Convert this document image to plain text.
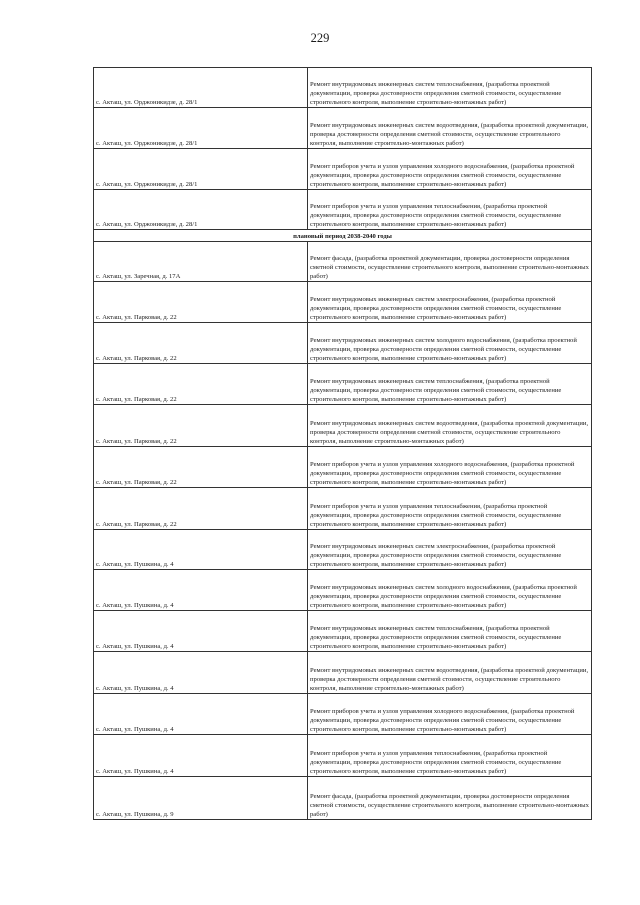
229
с. Акташ, ул. Орджоникидзе, д. 28/1	Ремонт внутридомовых инженерных систем теплоснабжения, (разработка проектной документации, проверка достоверности определения сметной стоимости, осуществление строительного контроля, выполнение строительно-монтажных работ)
с. Акташ, ул. Орджоникидзе, д. 28/1	Ремонт внутридомовых инженерных систем водоотведения, (разработка проектной документации, проверка достоверности определения сметной стоимости, осуществление строительного контроля, выполнение строительно-монтажных работ)
с. Акташ, ул. Орджоникидзе, д. 28/1	Ремонт приборов учета и узлов управления холодного водоснабжения, (разработка проектной документации, проверка достоверности определения сметной стоимости, осуществление строительного контроля, выполнение строительно-монтажных работ)
с. Акташ, ул. Орджоникидзе, д. 28/1	Ремонт приборов учета и узлов управления теплоснабжения, (разработка проектной документации, проверка достоверности определения сметной стоимости, осуществление строительного контроля, выполнение строительно-монтажных работ)
плановый период 2038-2040 годы	
с. Акташ, ул. Заречная, д. 17А	Ремонт фасада, (разработка проектной документации, проверка достоверности определения сметной стоимости, осуществление строительного контроля, выполнение строительно-монтажных работ)
с. Акташ, ул. Парковая, д. 22	Ремонт внутридомовых инженерных систем электроснабжения, (разработка проектной документации, проверка достоверности определения сметной стоимости, осуществление строительного контроля, выполнение строительно-монтажных работ)
с. Акташ, ул. Парковая, д. 22	Ремонт внутридомовых инженерных систем холодного водоснабжения, (разработка проектной документации, проверка достоверности определения сметной стоимости, осуществление строительного контроля, выполнение строительно-монтажных работ)
с. Акташ, ул. Парковая, д. 22	Ремонт внутридомовых инженерных систем теплоснабжения, (разработка проектной документации, проверка достоверности определения сметной стоимости, осуществление строительного контроля, выполнение строительно-монтажных работ)
с. Акташ, ул. Парковая, д. 22	Ремонт внутридомовых инженерных систем водоотведения, (разработка проектной документации, проверка достоверности определения сметной стоимости, осуществление строительного контроля, выполнение строительно-монтажных работ)
с. Акташ, ул. Парковая, д. 22	Ремонт приборов учета и узлов управления холодного водоснабжения, (разработка проектной документации, проверка достоверности определения сметной стоимости, осуществление строительного контроля, выполнение строительно-монтажных работ)
с. Акташ, ул. Парковая, д. 22	Ремонт приборов учета и узлов управления теплоснабжения, (разработка проектной документации, проверка достоверности определения сметной стоимости, осуществление строительного контроля, выполнение строительно-монтажных работ)
с. Акташ, ул. Пушкина, д. 4	Ремонт внутридомовых инженерных систем электроснабжения, (разработка проектной документации, проверка достоверности определения сметной стоимости, осуществление строительного контроля, выполнение строительно-монтажных работ)
с. Акташ, ул. Пушкина, д. 4	Ремонт внутридомовых инженерных систем холодного водоснабжения, (разработка проектной документации, проверка достоверности определения сметной стоимости, осуществление строительного контроля, выполнение строительно-монтажных работ)
с. Акташ, ул. Пушкина, д. 4	Ремонт внутридомовых инженерных систем теплоснабжения, (разработка проектной документации, проверка достоверности определения сметной стоимости, осуществление строительного контроля, выполнение строительно-монтажных работ)
с. Акташ, ул. Пушкина, д. 4	Ремонт внутридомовых инженерных систем водоотведения, (разработка проектной документации, проверка достоверности определения сметной стоимости, осуществление строительного контроля, выполнение строительно-монтажных работ)
с. Акташ, ул. Пушкина, д. 4	Ремонт приборов учета и узлов управления холодного водоснабжения, (разработка проектной документации, проверка достоверности определения сметной стоимости, осуществление строительного контроля, выполнение строительно-монтажных работ)
с. Акташ, ул. Пушкина, д. 4	Ремонт приборов учета и узлов управления теплоснабжения, (разработка проектной документации, проверка достоверности определения сметной стоимости, осуществление строительного контроля, выполнение строительно-монтажных работ)
с. Акташ, ул. Пушкина, д. 9	Ремонт фасада, (разработка проектной документации, проверка достоверности определения сметной стоимости, осуществление строительного контроля, выполнение строительно-монтажных работ)
